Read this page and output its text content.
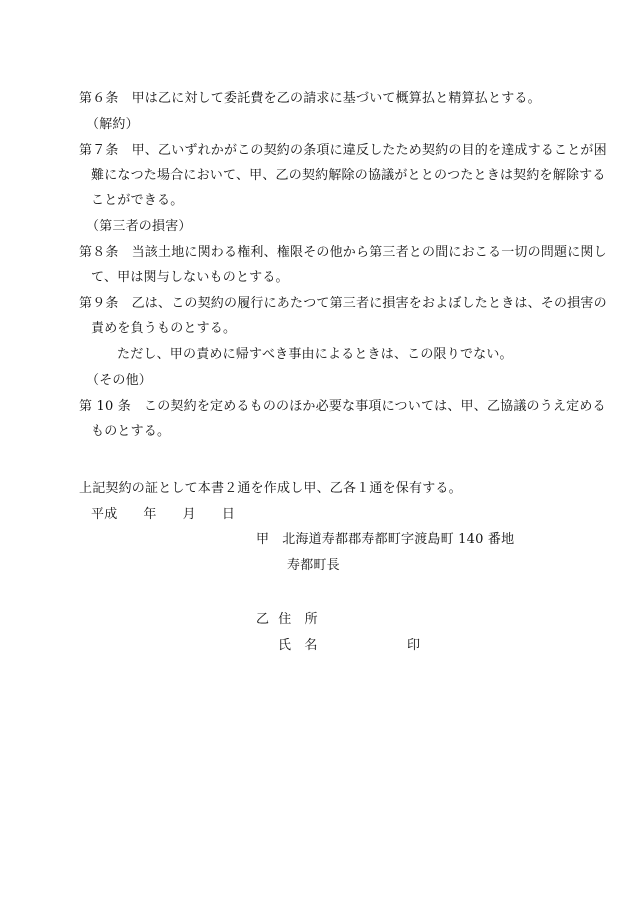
第６条 甲は乙に対して委託費を乙の請求に基づいて概算払と精算払とする。
（解約）
第７条 甲、乙いずれかがこの契約の条項に違反したため契約の目的を達成することが困
難になつた場合において、甲、乙の契約解除の協議がととのつたときは契約を解除する
ことができる。
（第三者の損害）
第８条 当該土地に関わる権利、権限その他から第三者との間におこる一切の問題に関し
て、甲は関与しないものとする。
第９条 乙は、この契約の履行にあたつて第三者に損害をおよぼしたときは、その損害の
責めを負うものとする。
ただし、甲の責めに帰すべき事由によるときは、この限りでない。
（その他）
第 10 条 この契約を定めるもののほか必要な事項については、甲、乙協議のうえ定める
ものとする。
上記契約の証として本書２通を作成し甲、乙各１通を保有する。
平成 年 月 日
甲 北海道寿都郡寿都町字渡島町 140 番地
寿都町長
乙 住　所
氏　名	印
